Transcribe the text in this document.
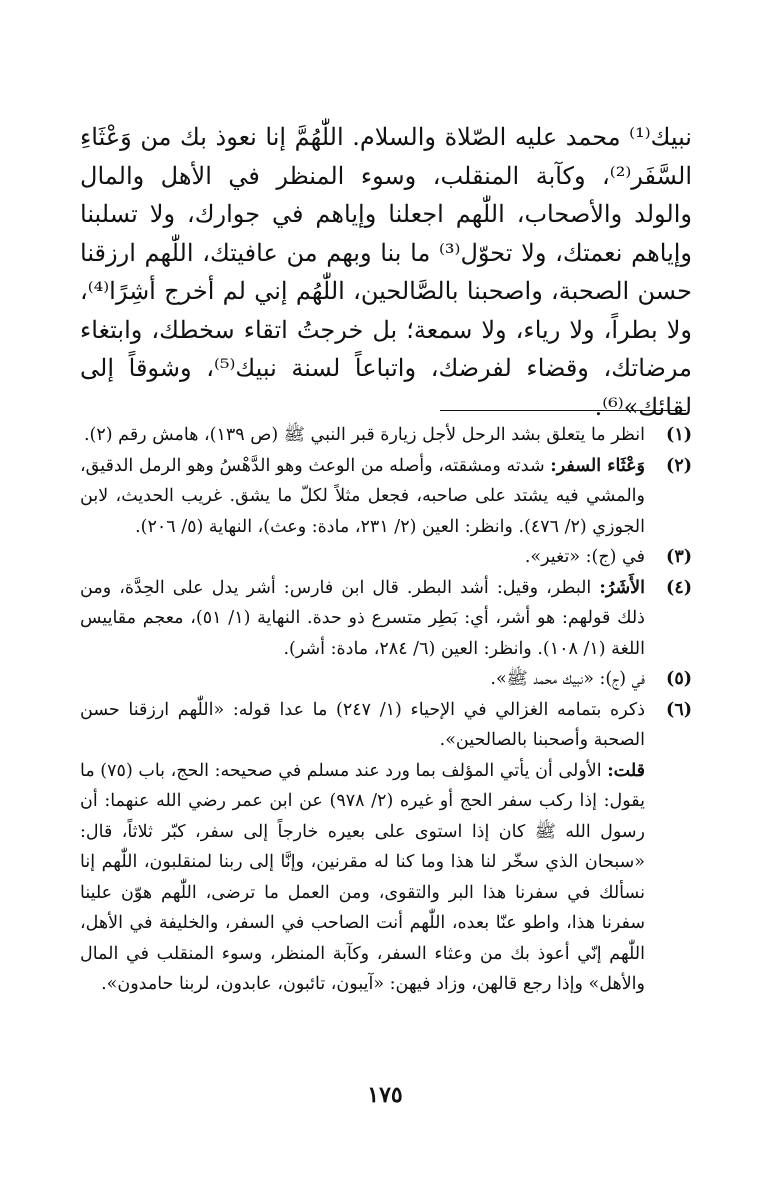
نبيك⁽¹⁾ محمد عليه الصّلاة والسلام. اللّٰهُمَّ إنا نعوذ بك من وَعْثَاءِ السَّفَر⁽²⁾، وكآبة المنقلب، وسوء المنظر في الأهل والمال والولد والأصحاب، اللّٰهم اجعلنا وإياهم في جوارك، ولا تسلبنا وإياهم نعمتك، ولا تحوّل⁽³⁾ ما بنا وبهم من عافيتك، اللّٰهم ارزقنا حسن الصحبة، واصحبنا بالصَّالحين، اللّٰهُم إني لم أخرج أشِرًا⁽⁴⁾، ولا بطراً، ولا رياء، ولا سمعة؛ بل خرجتُ اتقاء سخطك، وابتغاء مرضاتك، وقضاء لفرضك، واتباعاً لسنة نبيك⁽⁵⁾، وشوقاً إلى لقائك»⁽⁶⁾.

(١)
انظر ما يتعلق بشد الرحل لأجل زيارة قبر النبي ﷺ (ص ١٣٩)، هامش رقم (٢).
(٢)
وَعْثَاء السفر: شدته ومشقته، وأصله من الوعث وهو الدَّهْسُ وهو الرمل الدقيق، والمشي فيه يشتد على صاحبه، فجعل مثلاً لكلّ ما يشق. غريب الحديث، لابن الجوزي (٢/ ٤٧٦). وانظر: العين (٢/ ٢٣١، مادة: وعث)، النهاية (٥/ ٢٠٦).
(٣)
في (ج): «تغير».
(٤)
الأَشَرُ: البطر، وقيل: أشد البطر. قال ابن فارس: أشر يدل على الحِدَّة، ومن ذلك قولهم: هو أشر، أي: بَطِر متسرع ذو حدة. النهاية (١/ ٥١)، معجم مقاييس اللغة (١/ ١٠٨). وانظر: العين (٦/ ٢٨٤، مادة: أشر).
(٥)
في (ج): «نبيك محمد ﷺ».
(٦)
ذكره بتمامه الغزالي في الإحياء (١/ ٢٤٧) ما عدا قوله: «اللّٰهم ارزقنا حسن الصحبة وأصحبنا بالصالحين».
قلت: الأولى أن يأتي المؤلف بما ورد عند مسلم في صحيحه: الحج، باب (٧٥) ما يقول: إذا ركب سفر الحج أو غيره (٢/ ٩٧٨) عن ابن عمر رضي الله عنهما: أن رسول الله ﷺ كان إذا استوى على بعيره خارجاً إلى سفر، كبّر ثلاثاً، قال: «سبحان الذي سخّر لنا هذا وما كنا له مقرنين، وإنَّا إلى ربنا لمنقلبون، اللّٰهم إنا نسألك في سفرنا هذا البر والتقوى، ومن العمل ما ترضى، اللّٰهم هوّن علينا سفرنا هذا، واطو عنّا بعده، اللّٰهم أنت الصاحب في السفر، والخليفة في الأهل، اللّٰهم إنّي أعوذ بك من وعثاء السفر، وكآبة المنظر، وسوء المنقلب في المال والأهل» وإذا رجع قالهن، وزاد فيهن: «آيبون، تائبون، عابدون، لربنا حامدون».
١٧٥
